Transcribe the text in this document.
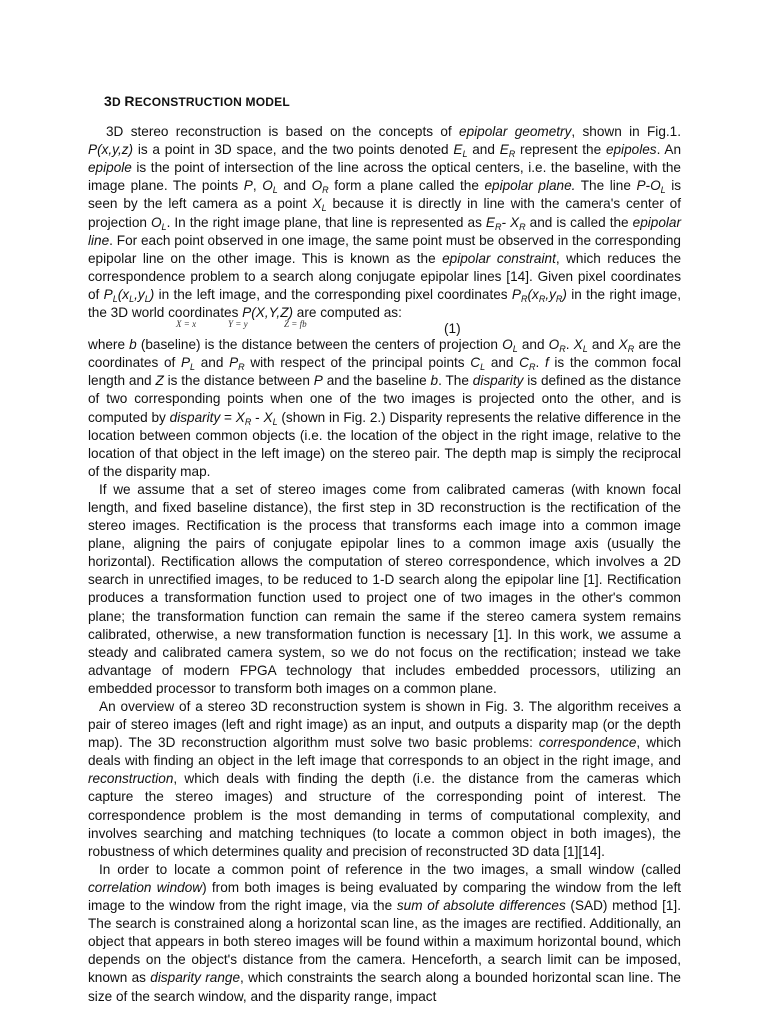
3D RECONSTRUCTION MODEL

3D stereo reconstruction is based on the concepts of epipolar geometry, shown in Fig.1. P(x,y,z) is a point in 3D space, and the two points denoted $E_L$ and $E_R$ represent the epipoles. An epipole is the point of intersection of the line across the optical centers, i.e. the baseline, with the image plane. The points P, $O_L$ and $O_R$ form a plane called the epipolar plane. The line $P-O_L$ is seen by the left camera as a point $X_L$ because it is directly in line with the camera's center of projection $O_L$. In the right image plane, that line is represented as $E_R-$ $X_R$ and is called the epipolar line. For each point observed in one image, the same point must be observed in the corresponding epipolar line on the other image. This is known as the epipolar constraint, which reduces the correspondence problem to a search along conjugate epipolar lines [14]. Given pixel coordinates of $P_L(x_L,y_L)$ in the left image, and the corresponding pixel coordinates $P_R(x_R,y_R)$ in the right image, the 3D world coordinates P(X,Y,Z) are computed as:

X = x	Y = y	Z = fb	(1)

where b (baseline) is the distance between the centers of projection $O_L$ and $O_R$. $X_L$ and $X_R$ are the coordinates of $P_L$ and $P_R$ with respect of the principal points $C_L$ and $C_R$. f is the common focal length and Z is the distance between P and the baseline b. The disparity is defined as the distance of two corresponding points when one of the two images is projected onto the other, and is computed by disparity = $X_R - X_L$ (shown in Fig. 2.) Disparity represents the relative difference in the location between common objects (i.e. the location of the object in the right image, relative to the location of that object in the left image) on the stereo pair. The depth map is simply the reciprocal of the disparity map.

If we assume that a set of stereo images come from calibrated cameras (with known focal length, and fixed baseline distance), the first step in 3D reconstruction is the rectification of the stereo images. Rectification is the process that transforms each image into a common image plane, aligning the pairs of conjugate epipolar lines to a common image axis (usually the horizontal). Rectification allows the computation of stereo correspondence, which involves a 2D search in unrectified images, to be reduced to 1-D search along the epipolar line [1]. Rectification produces a transformation function used to project one of two images in the other's common plane; the transformation function can remain the same if the stereo camera system remains calibrated, otherwise, a new transformation function is necessary [1]. In this work, we assume a steady and calibrated camera system, so we do not focus on the rectification; instead we take advantage of modern FPGA technology that includes embedded processors, utilizing an embedded processor to transform both images on a common plane.

An overview of a stereo 3D reconstruction system is shown in Fig. 3. The algorithm receives a pair of stereo images (left and right image) as an input, and outputs a disparity map (or the depth map). The 3D reconstruction algorithm must solve two basic problems: correspondence, which deals with finding an object in the left image that corresponds to an object in the right image, and reconstruction, which deals with finding the depth (i.e. the distance from the cameras which capture the stereo images) and structure of the corresponding point of interest. The correspondence problem is the most demanding in terms of computational complexity, and involves searching and matching techniques (to locate a common object in both images), the robustness of which determines quality and precision of reconstructed 3D data [1][14].

In order to locate a common point of reference in the two images, a small window (called correlation window) from both images is being evaluated by comparing the window from the left image to the window from the right image, via the sum of absolute differences (SAD) method [1]. The search is constrained along a horizontal scan line, as the images are rectified. Additionally, an object that appears in both stereo images will be found within a maximum horizontal bound, which depends on the object's distance from the camera. Henceforth, a search limit can be imposed, known as disparity range, which constraints the search along a bounded horizontal scan line. The size of the search window, and the disparity range, impact
